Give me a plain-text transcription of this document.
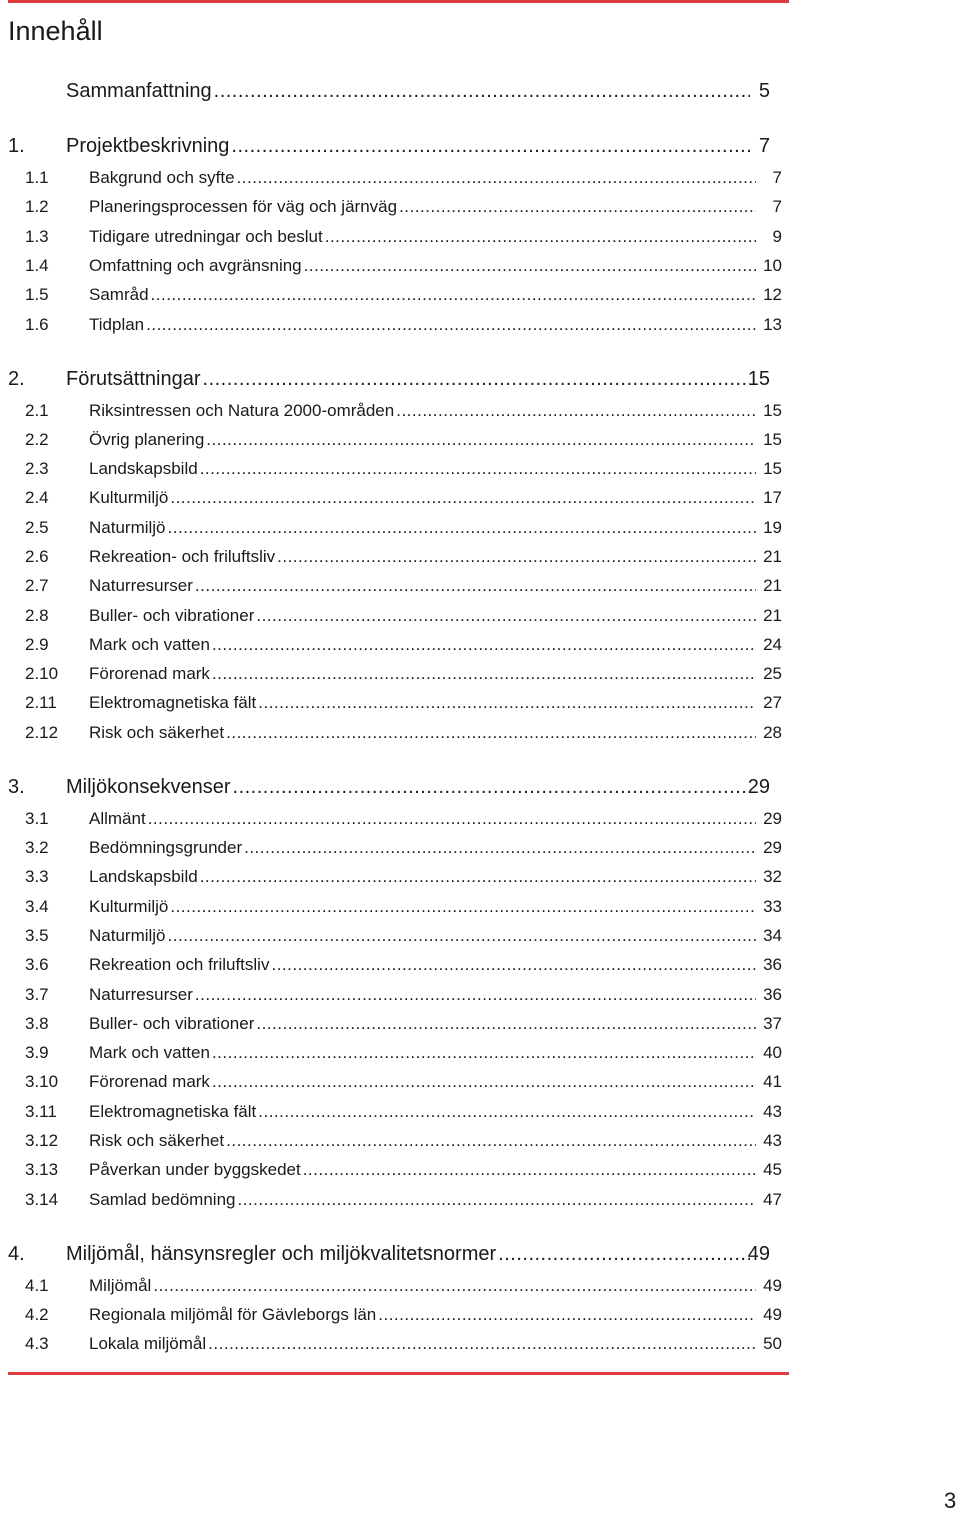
Innehåll
Sammanfattning .....	5
1. Projektbeskrivning .....	7
1.1 Bakgrund och syfte .....	7
1.2 Planeringsprocessen för väg och järnväg .....	7
1.3 Tidigare utredningar och beslut .....	9
1.4 Omfattning och avgränsning .....	10
1.5 Samråd .....	12
1.6 Tidplan .....	13
2. Förutsättningar .....	15
2.1 Riksintressen och Natura 2000-områden .....	15
2.2 Övrig planering .....	15
2.3 Landskapsbild .....	15
2.4 Kulturmiljö .....	17
2.5 Naturmiljö .....	19
2.6 Rekreation- och friluftsliv .....	21
2.7 Naturresurser .....	21
2.8 Buller- och vibrationer .....	21
2.9 Mark och vatten .....	24
2.10 Förorenad mark .....	25
2.11 Elektromagnetiska fält .....	27
2.12 Risk och säkerhet .....	28
3. Miljökonsekvenser .....	29
3.1 Allmänt .....	29
3.2 Bedömningsgrunder .....	29
3.3 Landskapsbild .....	32
3.4 Kulturmiljö .....	33
3.5 Naturmiljö .....	34
3.6 Rekreation och friluftsliv .....	36
3.7 Naturresurser .....	36
3.8 Buller- och vibrationer .....	37
3.9 Mark och vatten .....	40
3.10 Förorenad mark .....	41
3.11 Elektromagnetiska fält .....	43
3.12 Risk och säkerhet .....	43
3.13 Påverkan under byggskedet .....	45
3.14 Samlad bedömning .....	47
4. Miljömål, hänsynsregler och miljökvalitetsnormer .....	49
4.1 Miljömål .....	49
4.2 Regionala miljömål för Gävleborgs län .....	49
4.3 Lokala miljömål .....	50
3
